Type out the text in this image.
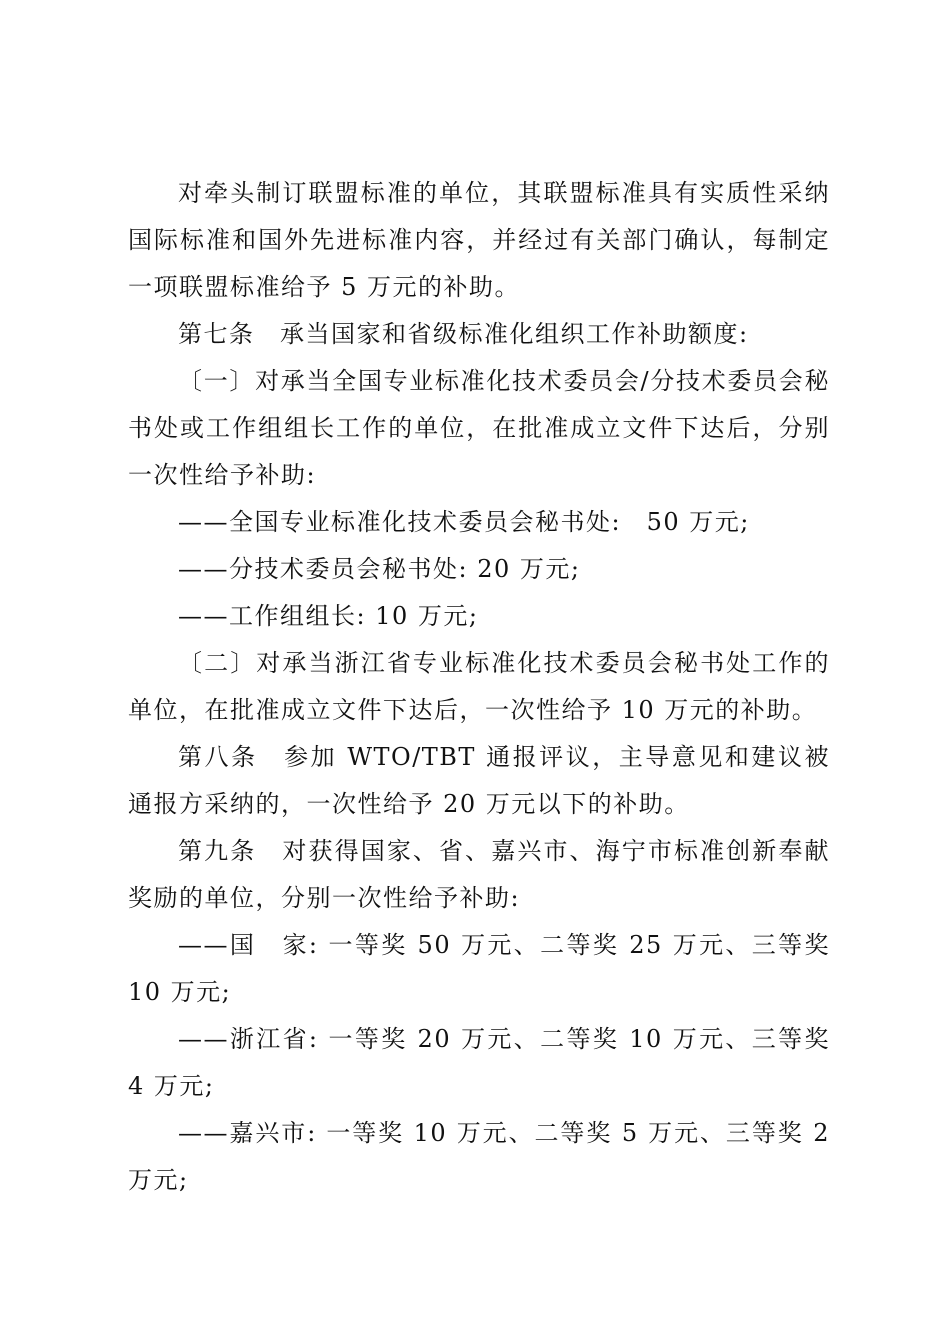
对牵头制订联盟标准的单位，其联盟标准具有实质性采纳国际标准和国外先进标准内容，并经过有关部门确认，每制定一项联盟标准给予 5 万元的补助。

第七条　承当国家和省级标准化组织工作补助额度:

〔一〕对承当全国专业标准化技术委员会/分技术委员会秘书处或工作组组长工作的单位，在批准成立文件下达后，分别一次性给予补助:

——全国专业标准化技术委员会秘书处:　50 万元;

——分技术委员会秘书处: 20 万元;

——工作组组长: 10 万元;

〔二〕对承当浙江省专业标准化技术委员会秘书处工作的单位，在批准成立文件下达后，一次性给予 10 万元的补助。

第八条　参加 WTO/TBT 通报评议，主导意见和建议被通报方采纳的，一次性给予 20 万元以下的补助。

第九条　对获得国家、省、嘉兴市、海宁市标准创新奉献奖励的单位，分别一次性给予补助:

——国　家: 一等奖 50 万元、二等奖 25 万元、三等奖 10 万元;

——浙江省: 一等奖 20 万元、二等奖 10 万元、三等奖 4 万元;

——嘉兴市: 一等奖 10 万元、二等奖 5 万元、三等奖 2 万元;
